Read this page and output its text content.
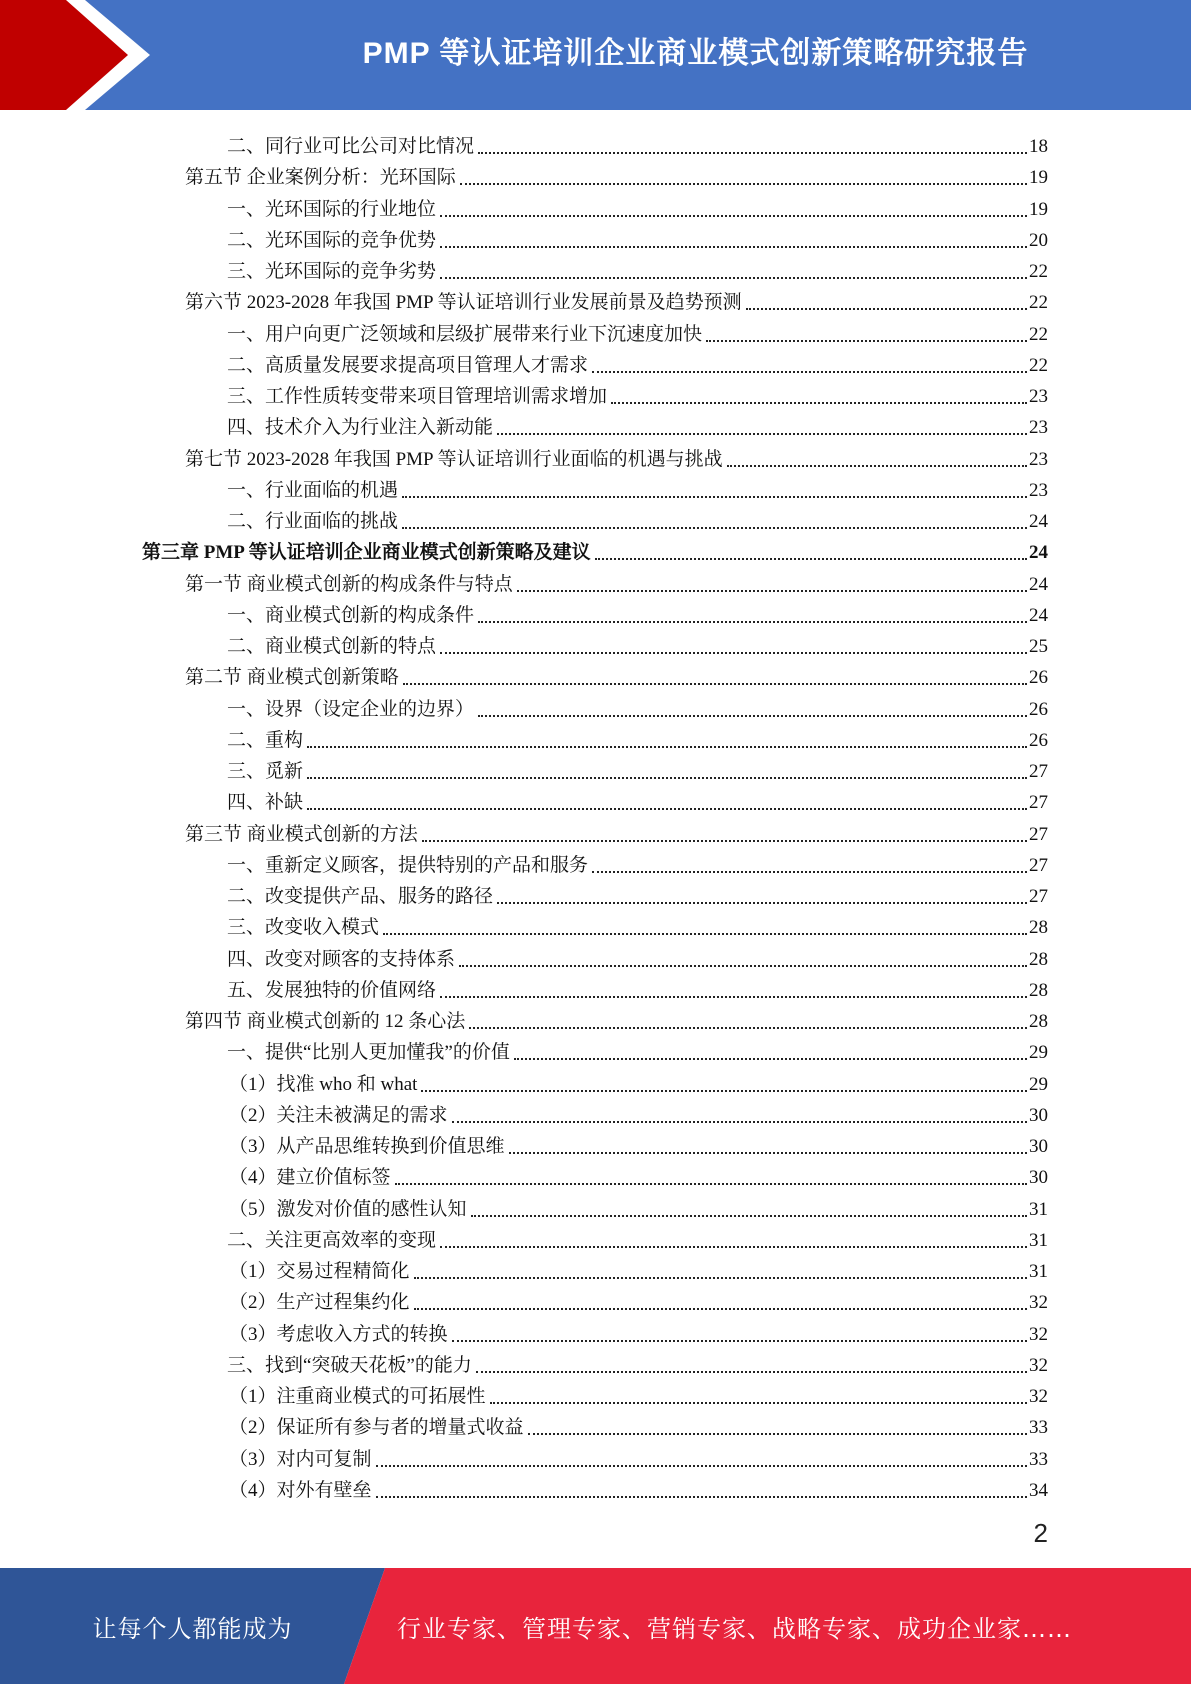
PMP 等认证培训企业商业模式创新策略研究报告
二、同行业可比公司对比情况	18
第五节 企业案例分析：光环国际	19
一、光环国际的行业地位	19
二、光环国际的竞争优势	20
三、光环国际的竞争劣势	22
第六节 2023-2028 年我国 PMP 等认证培训行业发展前景及趋势预测	22
一、用户向更广泛领域和层级扩展带来行业下沉速度加快	22
二、高质量发展要求提高项目管理人才需求	22
三、工作性质转变带来项目管理培训需求增加	23
四、技术介入为行业注入新动能	23
第七节 2023-2028 年我国 PMP 等认证培训行业面临的机遇与挑战	23
一、行业面临的机遇	23
二、行业面临的挑战	24
第三章 PMP 等认证培训企业商业模式创新策略及建议	24
第一节 商业模式创新的构成条件与特点	24
一、商业模式创新的构成条件	24
二、商业模式创新的特点	25
第二节 商业模式创新策略	26
一、设界（设定企业的边界）	26
二、重构	26
三、觅新	27
四、补缺	27
第三节 商业模式创新的方法	27
一、重新定义顾客，提供特别的产品和服务	27
二、改变提供产品、服务的路径	27
三、改变收入模式	28
四、改变对顾客的支持体系	28
五、发展独特的价值网络	28
第四节 商业模式创新的 12 条心法	28
一、提供“比别人更加懂我”的价值	29
（1）找准 who 和 what	29
（2）关注未被满足的需求	30
（3）从产品思维转换到价值思维	30
（4）建立价值标签	30
（5）激发对价值的感性认知	31
二、关注更高效率的变现	31
（1）交易过程精简化	31
（2）生产过程集约化	32
（3）考虑收入方式的转换	32
三、找到“突破天花板”的能力	32
（1）注重商业模式的可拓展性	32
（2）保证所有参与者的增量式收益	33
（3）对内可复制	33
（4）对外有壁垒	34
2
让每个人都能成为	行业专家、管理专家、营销专家、战略专家、成功企业家……
